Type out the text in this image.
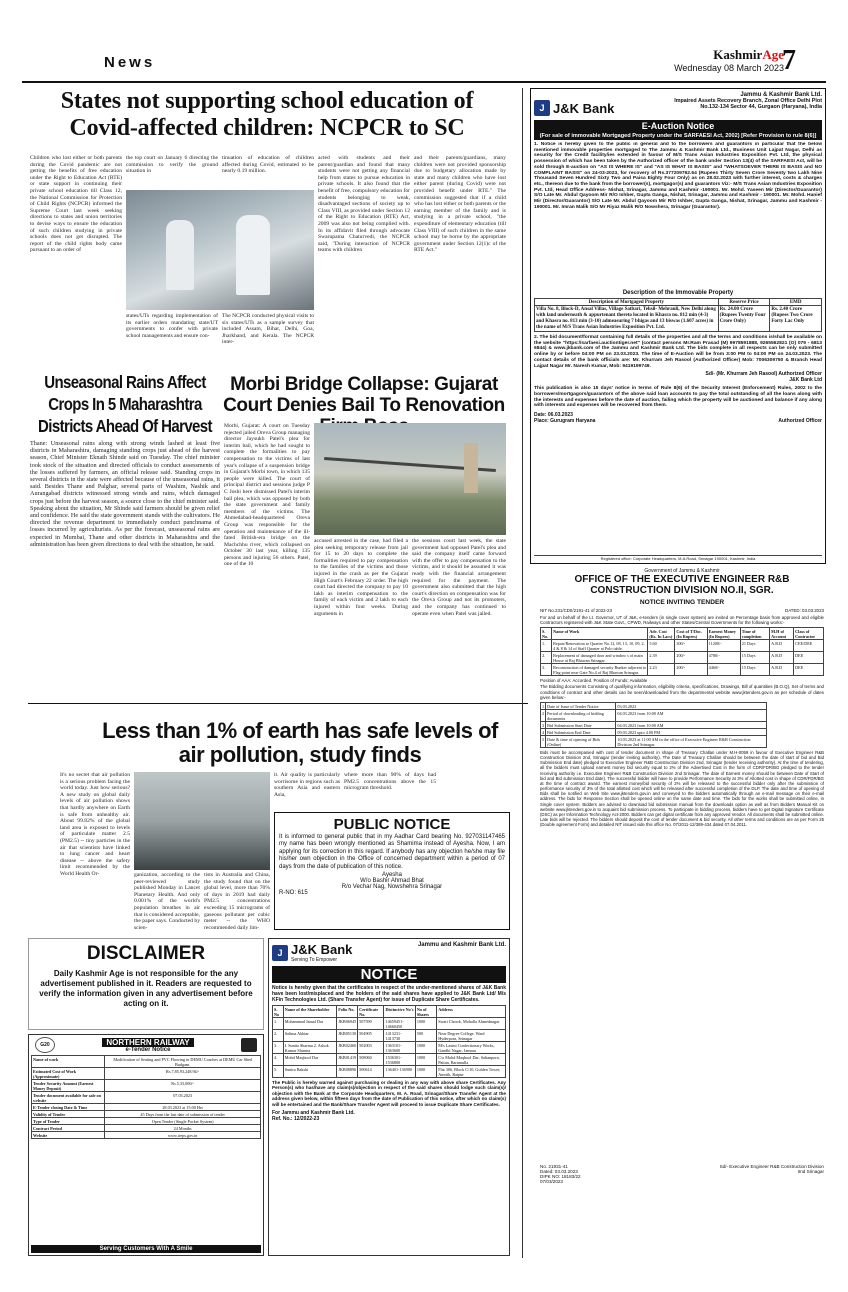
News	KashmirAge
Wednesday 08 March 2023
7
States not supporting school education of Covid-affected children: NCPCR to SC
Children who lost either or both parents during the Covid pandemic are not getting the benefits of free education under the Right to Education Act (RTE) or state support in continuing their private school education till Class 12, the National Commission for Protection of Child Rights (NCPCR) informed the Supreme Court last week seeking directions to states and union territories to devise ways to ensure the education of such children studying in private schools does not get disrupted. The report of the child rights body came pursuant to an order of
the top court on January 6 directing the commission to verify the ground situation in
tinuation of education of children affected during Covid, estimated to be nearly 0.19 million.
states/UTs regarding implementation of its earlier orders mandating state/UT governments to confer with private school managements and ensure con-
The NCPCR conducted physical visits to six states/UTs as a sample survey that included Assam, Bihar, Delhi, Goa, Jharkhand, and Kerala. The NCPCR inter-
acted with students and their parent/guardian and found that many students were not getting any financial help from states to pursue education in private schools. It also found that the benefit of free, compulsory education for students belonging to weak, disadvantaged sections of society up to Class VIII, as provided under Section 12 of the Right to Education (RTE) Act, 2009 was also not being complied with. In its affidavit filed through advocate Swarupama Chaturvedi, the NCPCR said, "During interaction of NCPCR teams with children
and their parents/guardians, many children were not provided sponsorship due to budgetary allocation made by state and many children who have lost either parent (during Covid) were not provided benefit under RTE." The commission suggested that if a child who has lost either or both parents or the earning member of the family and is studying in a private school, "the expenditure of elementary education (till Class VIII) of such children in the same school may be borne by the appropriate government under Section 12(1)c of the RTE Act."
Unseasonal Rains Affect Crops In 5 Maharashtra Districts Ahead Of Harvest
Thane: Unseasonal rains along with strong winds lashed at least five districts in Maharashtra, damaging standing crops just ahead of the harvest season, Chief Minister Eknath Shinde said on Tuesday. The chief minister took stock of the situation and directed officials to conduct assessments of the losses suffered by farmers, an official release said. Standing crops in several districts in the state were affected because of the unseasonal rains, it said. Besides Thane and Palghar, several parts of Washim, Nashik and Aurangabad districts witnessed strong winds and rains, which damaged crops just before the harvest season, a source close to the chief minister said. Speaking about the situation, Mr Shinde said farmers should be given relief and confidence. He said the state government stands with the cultivators. He directed the revenue department to immediately conduct panchnama of losses incurred by agriculturists. As per the forecast, unseasonal rains are expected in Mumbai, Thane and other districts in Maharashtra and the administration has been given directions to deal with the situation, he said.
Morbi Bridge Collapse: Gujarat Court Denies Bail To Renovation
Morbi, Gujarat: A court on Tuesday rejected jailed Oreva Group managing director Jaysukh Patel's plea for interim bail, which he had sought to complete the formalities to pay compensation to the victims of last year's collapse of a suspension bridge in Gujarat's Morbi town, in which 135 people were killed. The court of principal district and sessions judge P C Joshi here dismissed Patel's interim bail plea, which was opposed by both the state government and family members of the victims. The Ahmedabad-headquartered Oreva Group was responsible for the operation and maintenance of the ill-fated British-era bridge on the Machchhu river, which collapsed on October 30 last year, killing 135 persons and injuring 56 others. Patel, one of the 10
accused arrested in the case, had filed a plea seeking temporary release from jail for 15 to 20 days to complete the formalities required to pay compensation to the families of the victims and those injured in the crash as per the Gujarat High Court's February 22 order. The high court had directed the company to pay 10 lakh as interim compensation to the family of each victim and 2 lakh to each injured within four weeks. During arguments in
the sessions court last week, the state government had opposed Patel's plea and said the company itself came forward with the offer to pay compensation to the victims, and it should be assumed it was ready with the financial arrangement required for the payment. The government also submitted that the high court's direction on compensation was for the Oreva Group and not its promoters, and the company has continued to operate even when Patel was jailed.
Less than 1% of earth has safe levels of air pollution, study finds
It's no secret that air pollution is a serious problem facing the world today. Just how serious? A new study on global daily levels of air pollution shows that hardly anywhere on Earth is safe from unhealthy air. About 99.82% of the global land area is exposed to levels of particulate matter 2.5 (PM2.5) -- tiny particles in the air that scientists have linked to lung cancer and heart disease -- above the safety limit recommended by the World Health Or-	ganization, according to the peer-reviewed study published Monday in Lancet Planetary Health. And only 0.001% of the world's population breathes in air that is considered acceptable, the paper says. Conducted by scien-
tists in Australia and China, the study found that on the global level, more than 70% of days in 2019 had daily PM2.5 concentrations exceeding 15 micrograms of gaseous pollutant per cubic meter -- the WHO recommended daily lim-
it. Air quality is particularly worrisome in regions such as southern Asia and eastern Asia,
where more than 90% of days had PM2.5 concentrations above the 15 microgram threshold.
PUBLIC NOTICE
It is informed to general public that in my Aadhar Card bearing No. 927031147465 my name has been wrongly mentioned as Shamima instead of Ayesha. Now, I am applying for its correction in this regard. If anybody has any objection he/she may file his/her own objection in the Office of concerned department within a period of 07 days from the date of publication of this notice.
Ayesha
W/o Bashir Ahmad Bhat
R/o Vechar Nag, Nowshehra Srinagar
R-NO: 615
DISCLAIMER
Daily Kashmir Age is not responsible for the any advertisement published in it. Readers are requested to verify the information given in any advertisement before acting on it.
G20	NORTHERN RAILWAY
e-Tender Notice
Name of work	Modification of Seating and PVC Flooring in DEMU Coaches at DEMU Car Shed Budgam.
Estimated Cost of Work (Approximate)	Rs.7,85,93,248.94/-
Tender Security Amount (Earnest Money Deposit)	Rs.5,33,000/-
Tender document available for sale on website	07.03.2023
E-Tender closing Date & Time	28.03.2023 at 15:00 Hrs
Validity of Tender	45 Days from the last date of submission of tender
Type of Tender	Open Tender (Single Packet System)
Contract Period	24 Months
Website	www.ireps.gov.in
Serving Customers With A Smile
J J&K Bank
Serving To Empower
Jammu and Kashmir Bank Ltd.
NOTICE
Notice is hereby given that the certificates in respect of the under-mentioned shares of J&K Bank have been lost/misplaced and the holders of the said shares have applied to J&K Bank Ltd/ M/s KFin Technologies Ltd. (Share Transfer Agent) for issue of Duplicate Share Certificates.
S. No	Name of the Shareholder	Folio No.	Certificate No.	Distinctive No's	No of Shares	Address
1.	Mohammad Jamal Dar	JKB06945	507590	14659451-14660450	1000	Swati Chowk, Mohalla Ahmednagar
2.	Salima Akhtar	JKB05130	504905	1413231-1413730	500	Near Degree College, Ward Hyderpora, Srinagar
3.	I. Sunita Sharma 2. Ashok Kumar Sharma	JKB02460	502003	1363101-1363600	1000	M/s Laxmi Confectionary Works, Gandhi Nagar, Jammu
4.	Mohd Maqbool Dar	JKB01419	508060	1536301-1536800	1000	C/o Mohd Maqbool Dar, Saltanpora, Pattan, Baramulla
5.	Sunira Bakshi	JKB08896	500614	136401-136900	1000	Flat 306, Block C/10, Golden Tower, Amrith, Raipur
The Public is hereby warned against purchasing or dealing in any way with above share Certificates. Any Person(s) who has/have any claim(s)/objection in respect of the said shares should lodge such claim(s)/ objection with the Bank at the Corporate Headquarters, M. A. Road, Srinagar/Share Transfer Agent at the address given below, within fifteen days from the date of Publication of this notice, after which no claim(s) will be entertained and the Bank/Share Transfer Agent will proceed to issue Duplicate Share Certificates.
For Jammu and Kashmir Bank Ltd.
Ref. No.: 12/2022-23
J J&K Bank
Jammu & Kashmir Bank Ltd.
Impaired Assets Recovery Branch, Zonal Office Delhi Plot No.132-134 Sector 44, Gurgaon (Haryana), India
E-Auction Notice
(For sale of immovable Mortgaged Property under the SARFAESI Act, 2002) [Refer Provision to rule 8(6)]
1. Notice is hereby given to the public in general and to the borrowers and guarantors in particular that the below mentioned immovable properties mortgaged to The Jammu & Kashmir Bank Ltd., Business Unit Lajpat Nagar, Delhi as security for the Credit facility/ies extended in favour of M/S Trans Asian Industries Exposition Pvt. Ltd, the physical possession of which has been taken by the Authorized officer of the bank under Section 13(4) of the SARFAESI Act, will be sold through E-auction on "AS IS WHERE IS" and "AS IS WHAT IS BASIS" and "WHATSOEVER THERE IS BASIS and NO COMPLAINT BASIS" on 24-03-2023, for recovery of Rs.377209762.64 (Rupees Thirty Seven Crore Seventy two Lakh Nine Thousand Seven Hundred Sixty Two and Paisa Eighty Four Only) as on 28.02.2023 with further interest, costs & charges etc., thereon due to the bank from the borrower(s), mortgagor(s) and guarantors Viz:- M/S Trans Asian Industries Exposition Pvt. Ltd, Head Office Address- Nishat, Srinagar, Jammu and Kashmir -190001. Mr. Mohd. Yaseen Mir (Director/Guarantor) S/O Late Mr. Abdul Qayoom Mir R/O Ishber, Gupta Ganga, Nishat, Srinagar, Jammu and Kashmir - 190001. Mr. Mohd. Hanief Mir (Director/Guarantor) S/O Late Mr. Abdul Qayoom Mir R/O Ishber, Gupta Ganga, Nishat, Srinagar, Jammu and Kashmir - 190001. Mr. Imran Malik S/O Mr Riyaz Malik R/O Nowshera, Srinagar (Guarantor).
Description of the Immovable Property
Description of Mortgaged Property	Reserve Price	EMD
Villa No. 8, Block-D, Ansal Villas, Village Satbari, Tehsil- Mehrauli, New Delhi along with land underneath & appurtenant thereto located in Khasra no. 812 min (4-3) and Khasra no. 813 min (3-10) admeasuring 7 bhigas and 13 biswas (1.607 acres) in the name of M/S Trans Asian Industries Exposition Pvt. Ltd.	Rs. 24.00 Crore (Rupees Twenty Four Crore Only)	Rs. 2.40 Crore (Rupees Two Crore Forty Lac Only
2. The bid document/format containing full details of the properties and all the terms and conditions is/shall be available on the website "https://sarfaesi.auctiontiger.net" (contact persons Mr.Ram Prasad (M) 9978591888, 9265562821 (O) 079 - 6813 6844) & www.jkbank.com of the Jammu and Kashmir Bank Ltd. The bids complete in all respects can be only submitted online by or before 04:00 PM on 23.03.2023. The time of E-Auction will be from 3:00 PM to 04:00 PM on 24.03.2023. The contact details of the bank officials are: Mr. Khurram Jeh Rasool (Authorized Officer) Mob: 7006309750 & Branch Head Lajpat Nagar Mr. Naresh Kumar, Mob: 9419199749.
Sd/- (Mr. Khurram Jeh Rasool) Authorized Officer J&K Bank Ltd
This publication is also 15 days' notice in terms of Rule 8(6) of the Security Interest (Enforcement) Rules, 2002 to the borrowers/mortgagors/guarantors of the above said loan accounts to pay the total outstanding of all the loans along with the interests and expenses before the date of auction, failing which the property will be auctioned and balance if any along with interests and expenses will be recovered from them.
Date: 06.03.2023
Place: Gurugram Haryana	Authorized Officer
Registered office: Corporate Headquarters, M.A.Road, Srinagar 190001, Kashmir, India
Government of Jammu & Kashmir
OFFICE OF THE EXECUTIVE ENGINEER R&B CONSTRUCTION DIVISION NO.II, SGR.
NOTICE INVITING TENDER
NIT No.231/CDII/2191-41 of 2022-23	DATED: 03.03.2023
For and on behalf of the Lt. Governor, UT of J&K, e-tenders (in single cover system) are invited on Percentage basis from approved and eligible Contractors registered with J&K State Govt., CPWD, Railways and other States/Central Governments for the following works:-
S. No.	Name of Work	Adv. Cost (Rs. In Lacs)	Cost of T/Doc. (In Rupees)	Earnest Money (In Rupees)	Time of completion	M.H of Account	Class of Contractor
1.	Repair/Renovation to Quarter No.12, 08, 13, 10, 09, 2, 4 & 8 & 14 of Staff Quarter at Polo table.	5.60	300/-	11200/-	21 Days	A.R.D	CEE/DEE
2.	Replacement of damaged door and window s of main House at Raj Bhawan Srinagar.	2.39	200/-	4780/-	15 Days	A.R.D	DEE
3.	Reconstruction of damaged security Bunker adjacent to Flag point near Gate No.4 of Raj Bhawan Srinagar.	2.23	200/-	4460/-	15 Days	A.R.D	DEE
Position of AAA: Accorded. Position of Funds: Available
The Bidding documents Consisting of qualifying information, eligibility criteria, specifications, Drawings, Bill of quantities (B.O.Q), Set of terms and conditions of contract and other details can be seen/downloaded from the departmental website www.jktenders.gov.in as per schedule of dates given below:-
1	Date of Issue of Tender Notice	03.03.2023
2	Period of downloading of bidding documents	04.03.2023 from 10:00 AM
3	Bid Submission Start Date	04.03.2023 from 10:00 AM
4	Bid Submission End Date	09.03.2023 upto 4.00 PM
5	Date & time of opening of Bids (Online)	10.03.2023 at 11:00 AM in the office of Executive Engineer R&B Construction Division 2nd Srinagar.
Bids must be accompanied with cost of tender document in shape of Treasury Challan under M.H-0059 in favour of Executive Engineer R&B Construction Division 2nd, Srinagar (tender inviting authority). The Date of Treasury Challan should be between the date of start of bid and Bid Submission End date) pledged to Executive Engineer R&B Construction Division 2nd, Srinagar (tender receiving authority). At the time of tendering, all the bidders must upload earnest money bid security equal to 2% of the Advertised Cost in the form of CDR/FDR/BG pledged to the tender receiving authority i.e. Executive Engineer R&B Construction Division 2nd Srinagar. The date of Earnest money should be between Date of Start of bid and Bid submission End date). The successful bidder will have to provide Performance Security at 3% of Allotted cost in shape of CDR/FDR/BG at the time of contract award. The earnest money/bid security of 2% will be released to the successful bidder only after the submission of performance security of 3% of the total allotted cost which will be released after successful completion of the DLP. The date and time of opening of Bids shall be notified on Web Site www.jktenders.gov.in and conveyed to the bidders automatically through an e-mail message on their e-mail address. The bids for Response Section shall be opened online on the same date and time. The bids for the works shall be submitted online, in Single cover system. Bidders are advised to download bid submission manual from the downloads option as well as from Bidders Manual Kit on website www.jktenders.gov.in to acquaint bid submission process. To participate in bidding process, bidders have to get Digital Signature Certificate (DSC) as per Information Technology Act-2000. Bidders can get digital certificate from any approved Vendor. All documents shall be submitted online. Late bids will be rejected. The bidders should deposit the cost of tender document & bid security. All other terms and conditions are as per Form 25 (Double agreement Form) and detailed NIT issued vide this office No. 07/2011-12/389-434 dated 07.04.2011.
No. 21931-41
Dated: 03.03.2023
DIPK NO: 18183/22
07/03/2023
Sd/- Executive Engineer R&B Construction Division IInd Srinagar
